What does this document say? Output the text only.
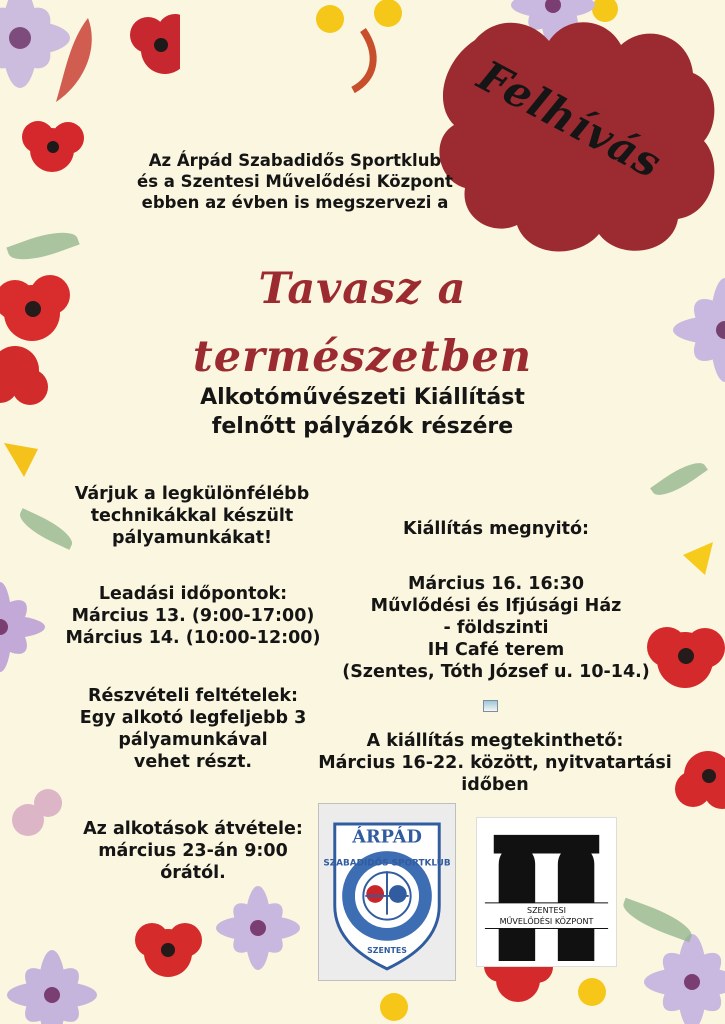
Felhívás
Az Árpád Szabadidős Sportklub
és a Szentesi Művelődési Központ
ebben az évben is megszervezi a
Tavasz a
természetben
Alkotóművészeti Kiállítást
felnőtt pályázók részére
Várjuk a legkülönfélébb
technikákkal készült
pályamunkákat!
Leadási időpontok:
Március 13. (9:00-17:00)
Március 14. (10:00-12:00)
Részvételi feltételek:
Egy alkotó legfeljebb 3
pályamunkával
vehet részt.
Az alkotások átvétele:
március 23-án 9:00
órától.
Kiállítás megnyitó:
Március 16. 16:30
Művlődési és Ifjúsági Ház
- földszinti
IH Café terem
(Szentes, Tóth József u. 10-14.)
A kiállítás megtekinthető:
Március 16-22. között, nyitvatartási
időben
ÁRPÁD
SZABADIDŐS SPORTKLUB
SZENTES
SZENTESI
MŰVELŐDÉSI KÖZPONT
